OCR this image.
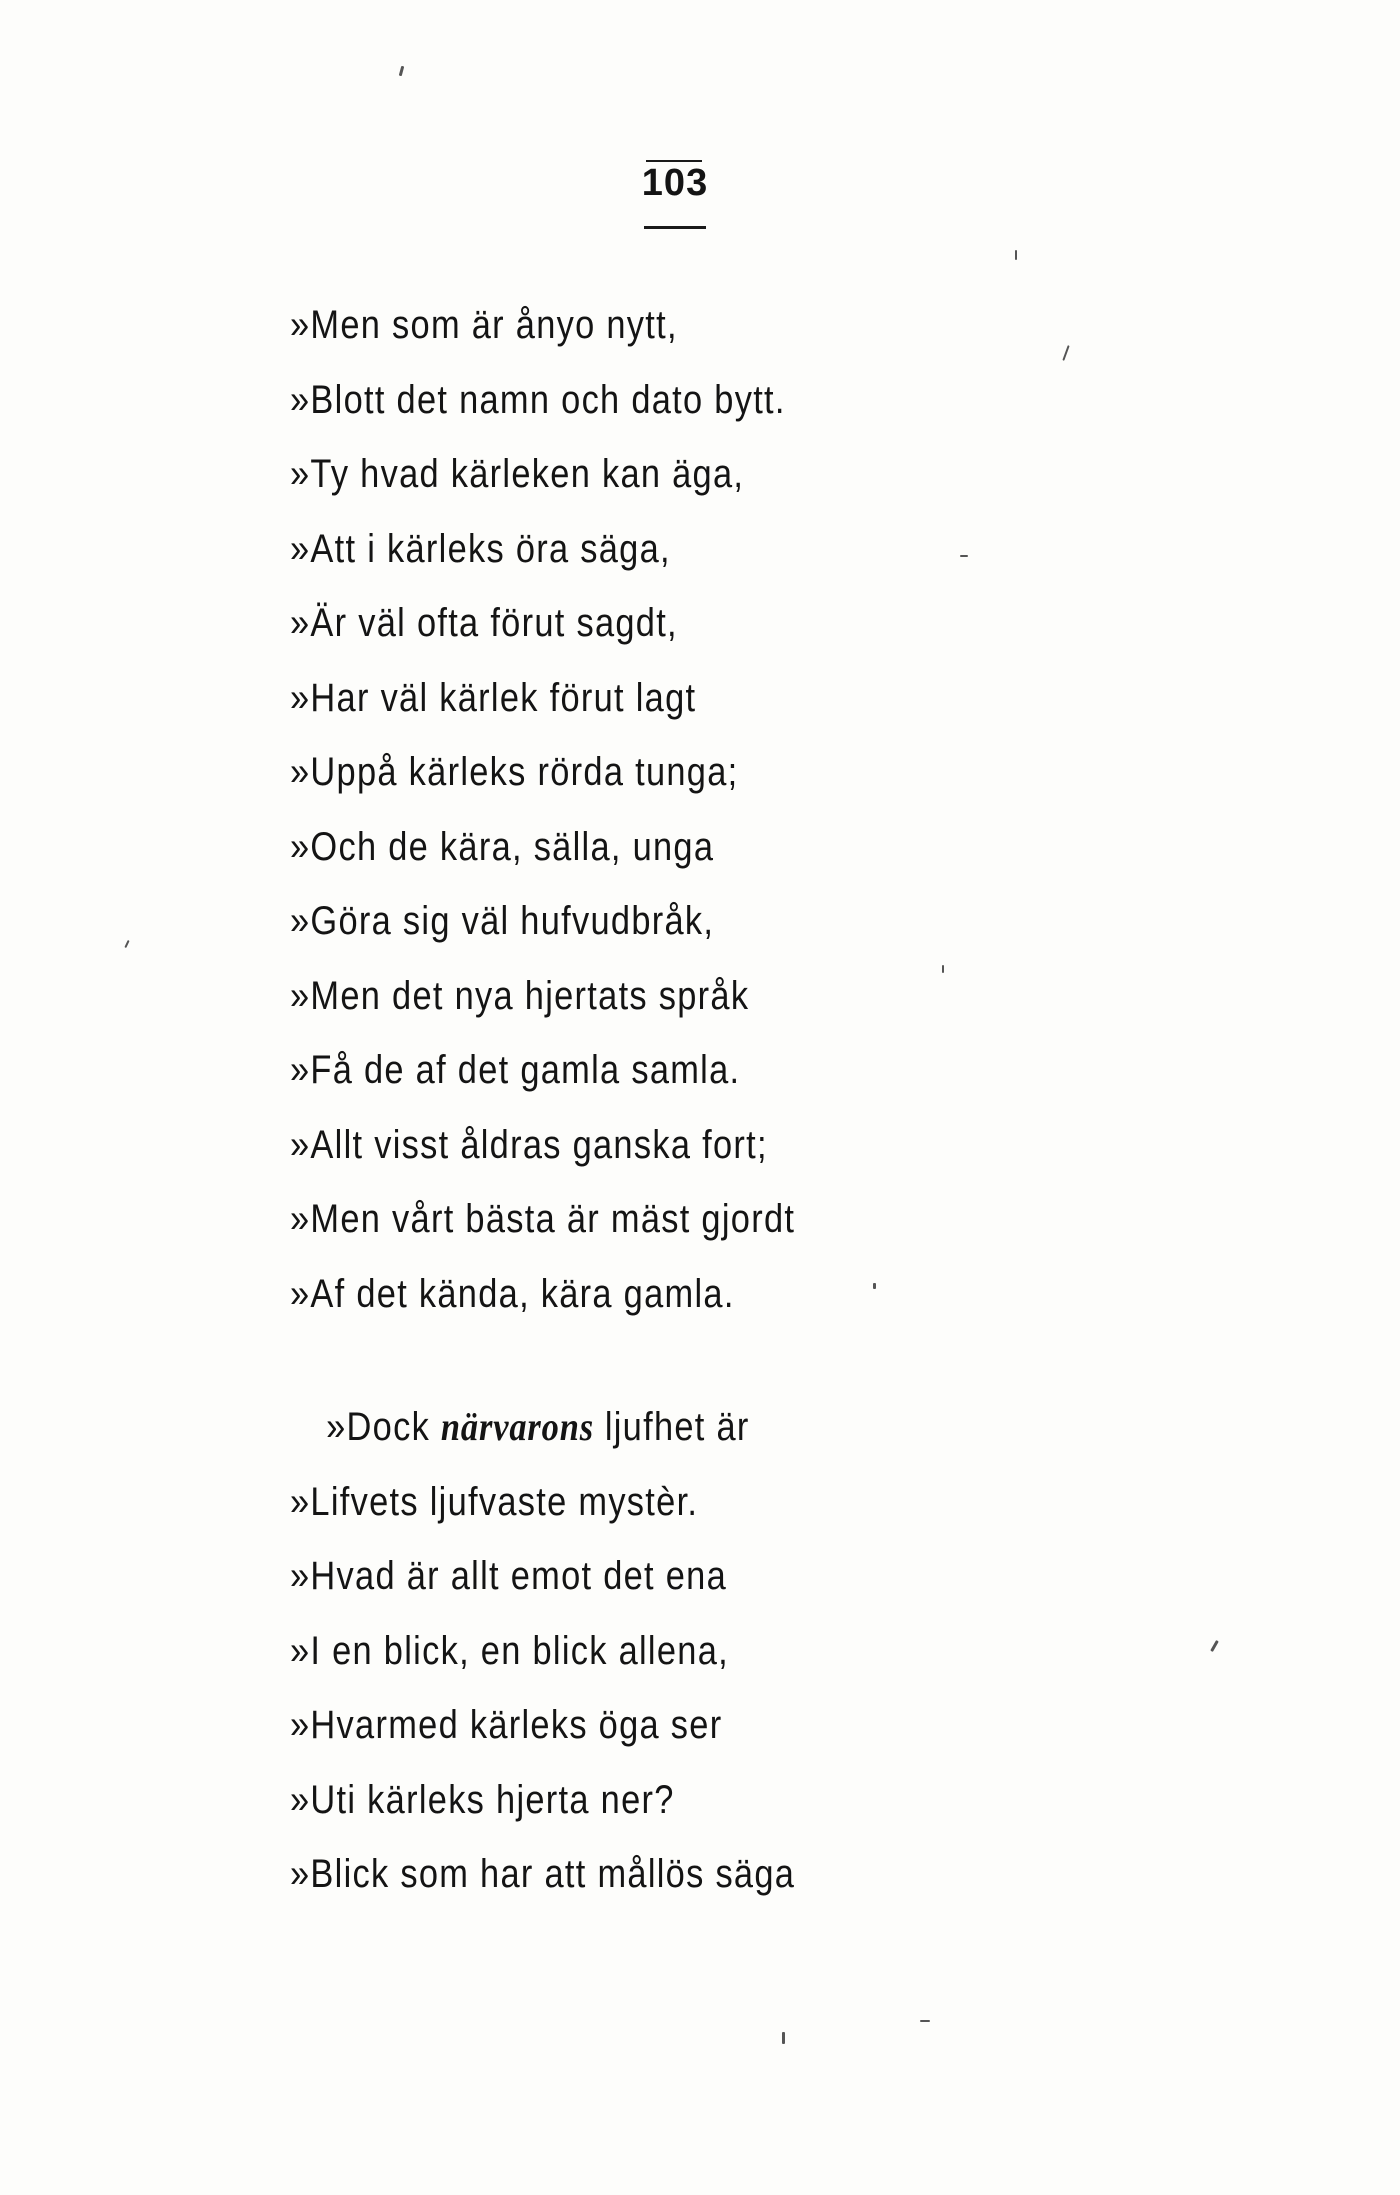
103
»Men som är ånyo nytt,
»Blott det namn och dato bytt.
»Ty hvad kärleken kan äga,
»Att i kärleks öra säga,
»Är väl ofta förut sagdt,
»Har väl kärlek förut lagt
»Uppå kärleks rörda tunga;
»Och de kära, sälla, unga
»Göra sig väl hufvudbråk,
»Men det nya hjertats språk
»Få de af det gamla samla.
»Allt visst åldras ganska fort;
»Men vårt bästa är mäst gjordt
»Af det kända, kära gamla.
»Dock närvarons ljufhet är
»Lifvets ljufvaste mystèr.
»Hvad är allt emot det ena
»I en blick, en blick allena,
»Hvarmed kärleks öga ser
»Uti kärleks hjerta ner?
»Blick som har att mållös säga
